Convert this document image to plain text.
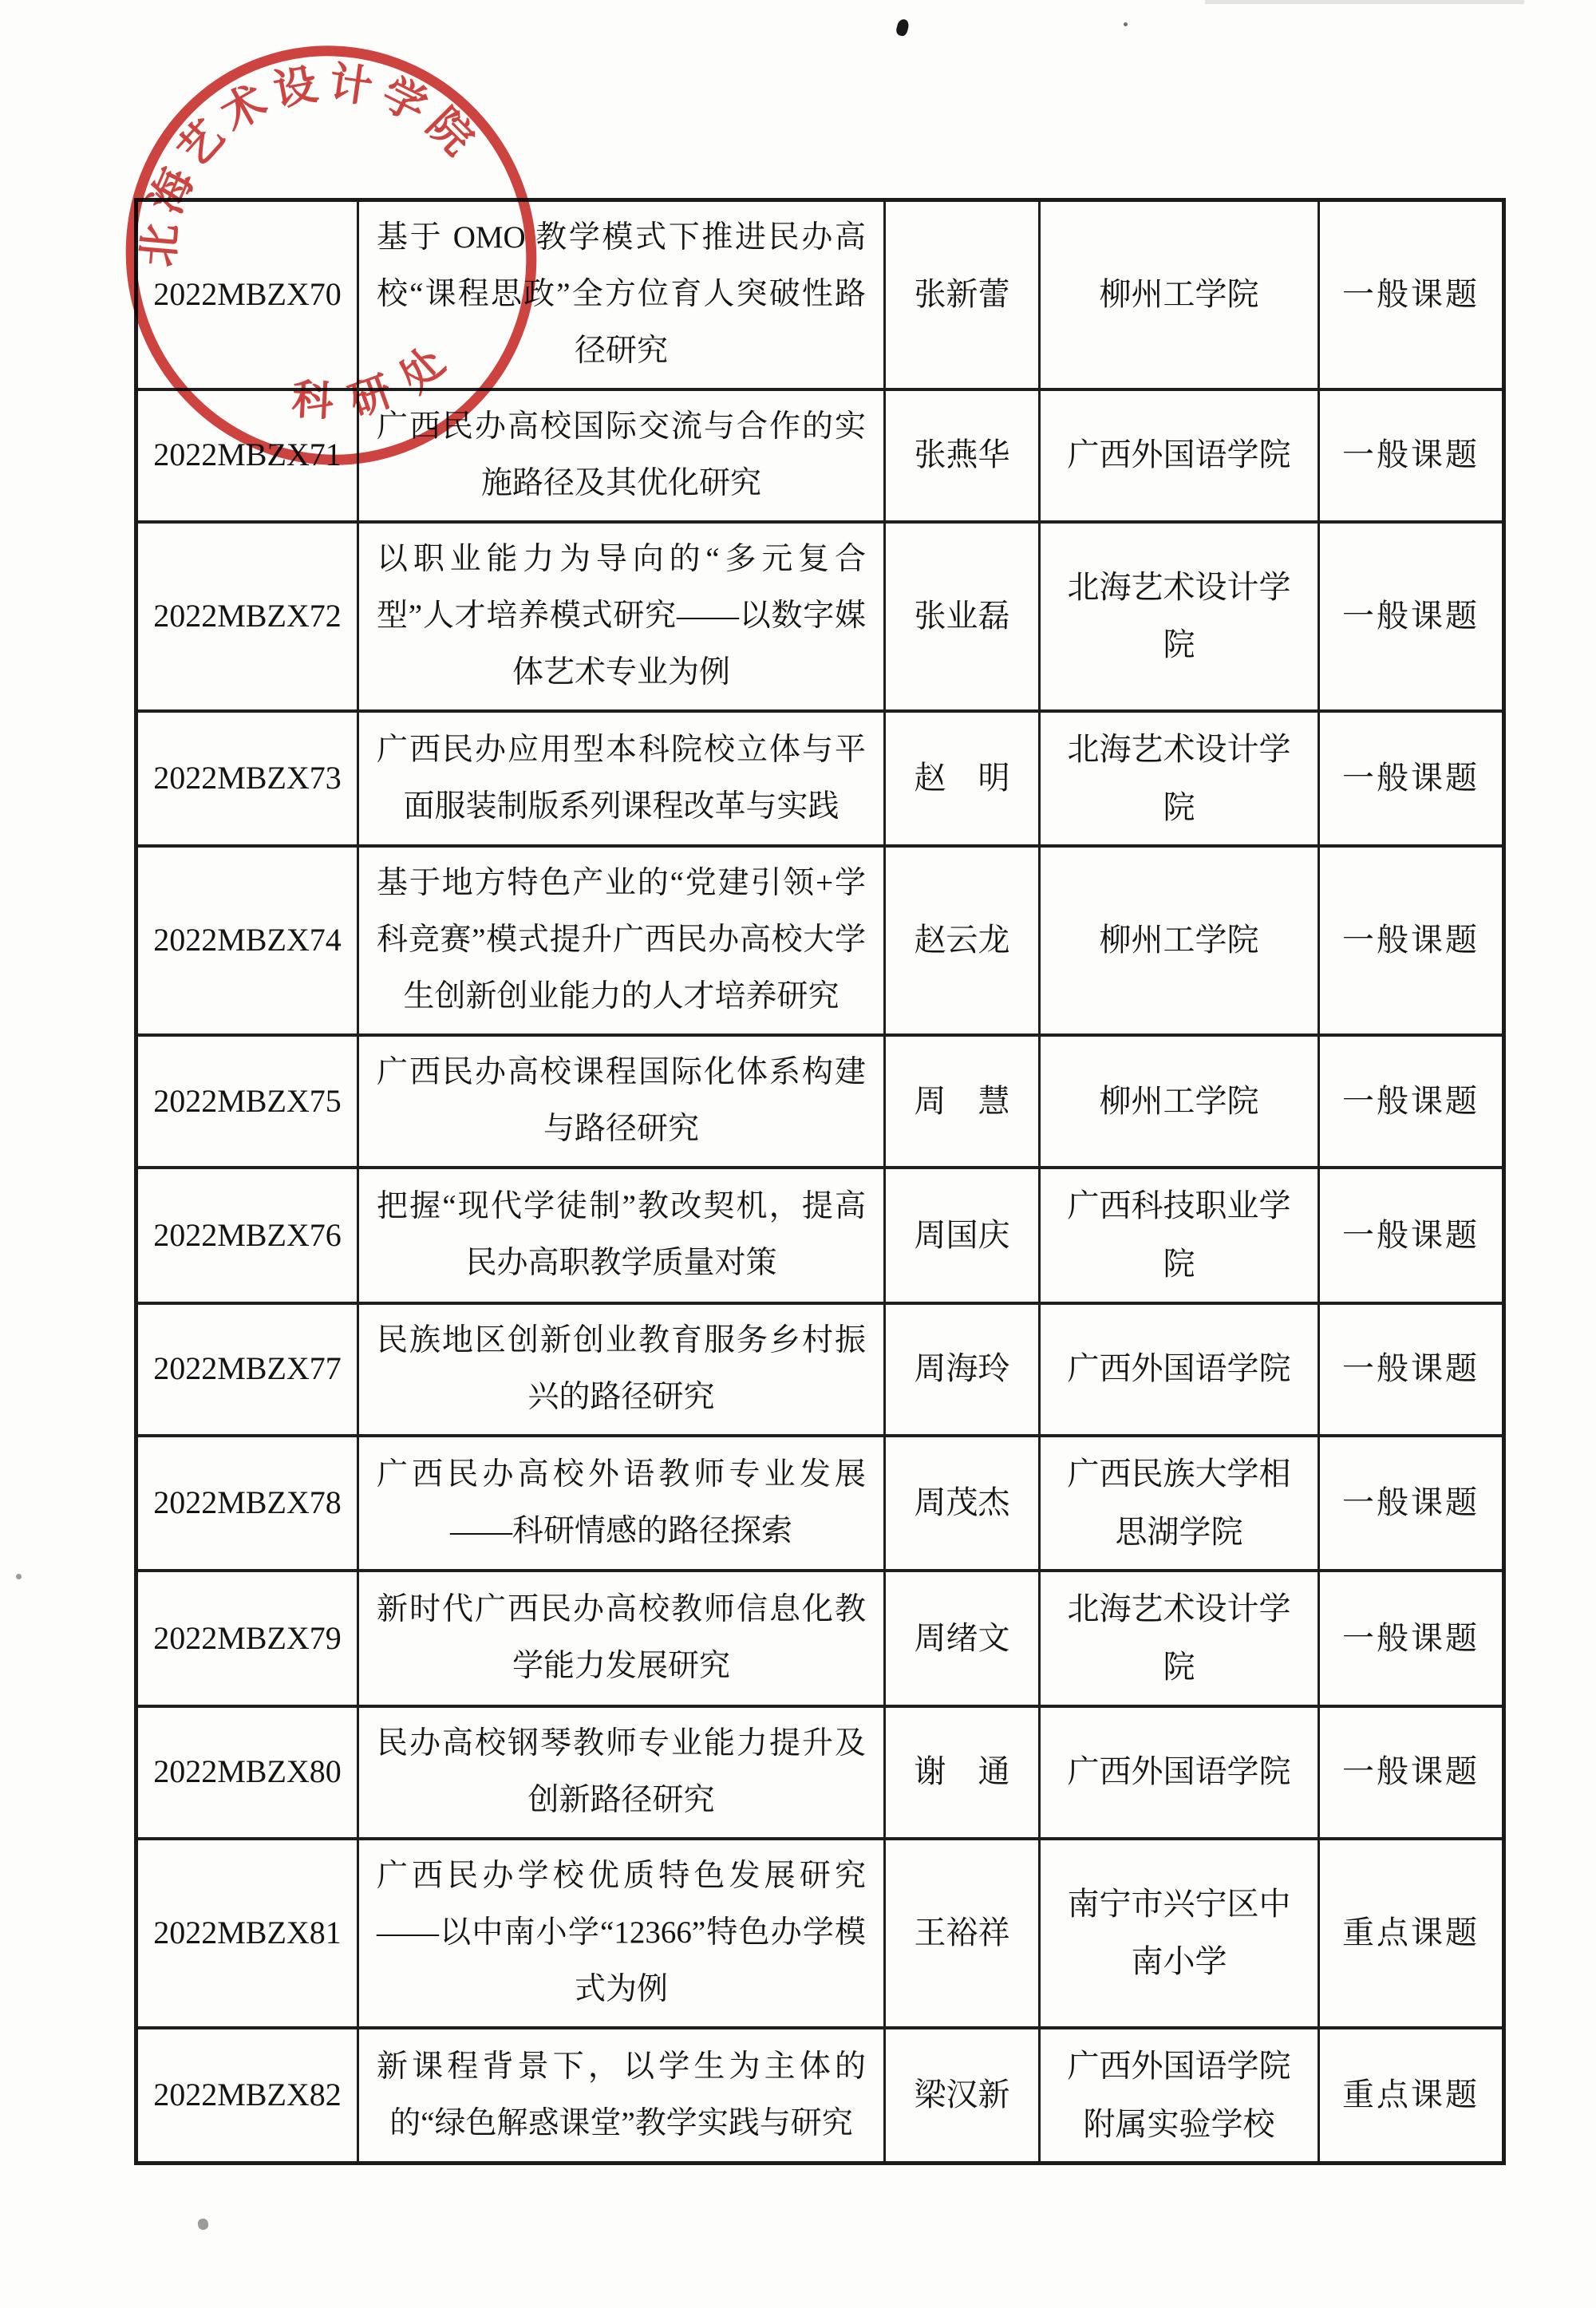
2022MBZX70	基于 OMO 教学模式下推进民办高校“课程思政”全方位育人突破性路径研究	张新蕾	柳州工学院	一般课题
2022MBZX71	广西民办高校国际交流与合作的实施路径及其优化研究	张燕华	广西外国语学院	一般课题
2022MBZX72	以职业能力为导向的“多元复合型”人才培养模式研究——以数字媒体艺术专业为例	张业磊	北海艺术设计学院	一般课题
2022MBZX73	广西民办应用型本科院校立体与平面服装制版系列课程改革与实践	赵　明	北海艺术设计学院	一般课题
2022MBZX74	基于地方特色产业的“党建引领+学科竞赛”模式提升广西民办高校大学生创新创业能力的人才培养研究	赵云龙	柳州工学院	一般课题
2022MBZX75	广西民办高校课程国际化体系构建与路径研究	周　慧	柳州工学院	一般课题
2022MBZX76	把握“现代学徒制”教改契机，提高民办高职教学质量对策	周国庆	广西科技职业学院	一般课题
2022MBZX77	民族地区创新创业教育服务乡村振兴的路径研究	周海玲	广西外国语学院	一般课题
2022MBZX78	广西民办高校外语教师专业发展——科研情感的路径探索	周茂杰	广西民族大学相思湖学院	一般课题
2022MBZX79	新时代广西民办高校教师信息化教学能力发展研究	周绪文	北海艺术设计学院	一般课题
2022MBZX80	民办高校钢琴教师专业能力提升及创新路径研究	谢　通	广西外国语学院	一般课题
2022MBZX81	广西民办学校优质特色发展研究——以中南小学“12366”特色办学模式为例	王裕祥	南宁市兴宁区中南小学	重点课题
2022MBZX82	新课程背景下，以学生为主体的的“绿色解惑课堂”教学实践与研究	梁汉新	广西外国语学院附属实验学校	重点课题
北海艺术设计学院
科研处
